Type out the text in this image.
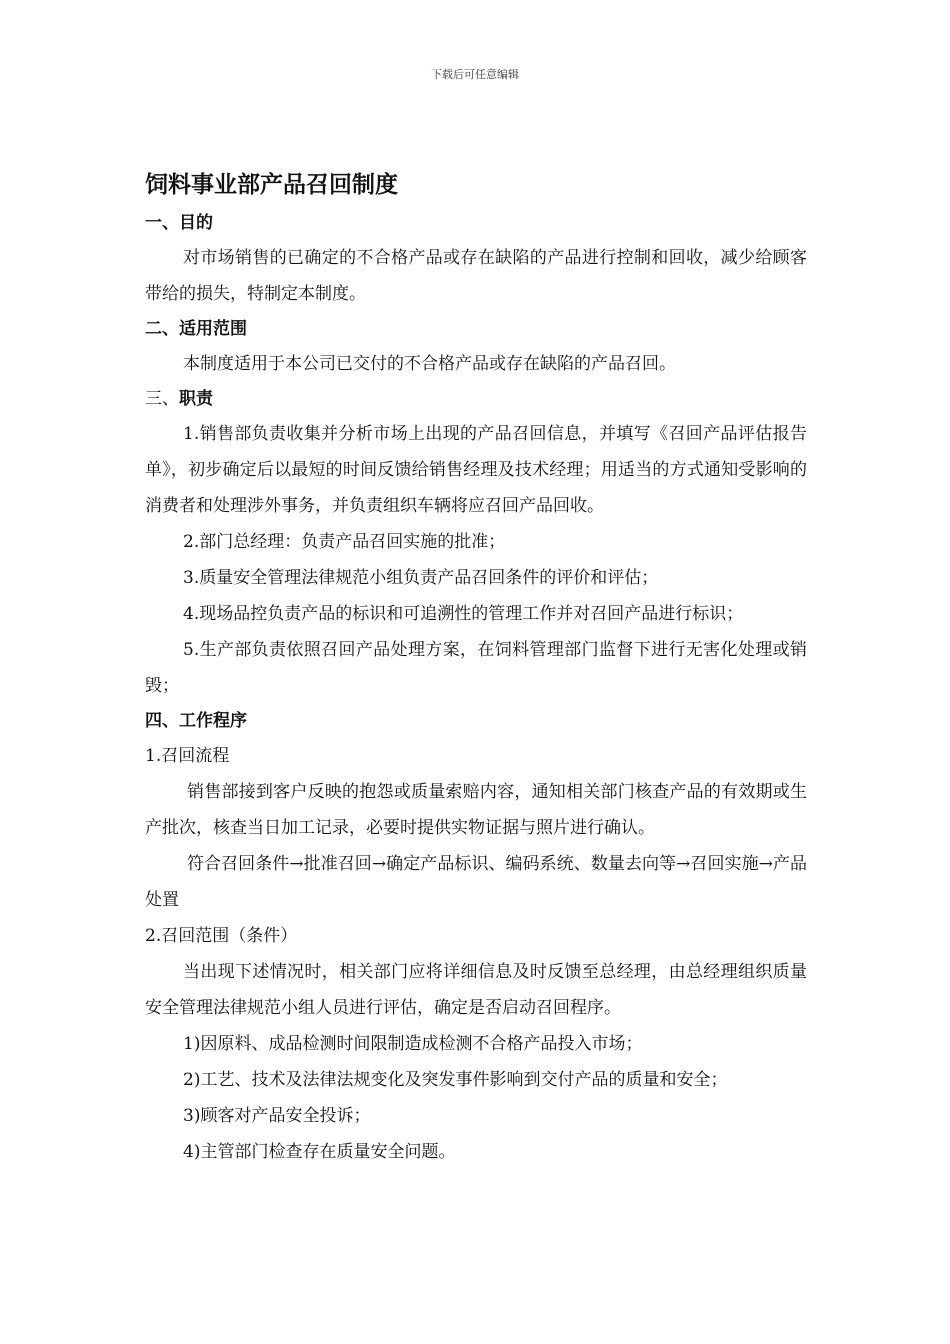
下载后可任意编辑
饲料事业部产品召回制度
一、目的

对市场销售的已确定的不合格产品或存在缺陷的产品进行控制和回收，减少给顾客带给的损失，特制定本制度。

二、适用范围

本制度适用于本公司已交付的不合格产品或存在缺陷的产品召回。

三、职责

1.销售部负责收集并分析市场上出现的产品召回信息，并填写《召回产品评估报告单》，初步确定后以最短的时间反馈给销售经理及技术经理；用适当的方式通知受影响的消费者和处理涉外事务，并负责组织车辆将应召回产品回收。

2.部门总经理：负责产品召回实施的批准；

3.质量安全管理法律规范小组负责产品召回条件的评价和评估；

4.现场品控负责产品的标识和可追溯性的管理工作并对召回产品进行标识；

5.生产部负责依照召回产品处理方案，在饲料管理部门监督下进行无害化处理或销毁；

四、工作程序

1.召回流程

销售部接到客户反映的抱怨或质量索赔内容，通知相关部门核查产品的有效期或生产批次，核查当日加工记录，必要时提供实物证据与照片进行确认。

符合召回条件→批准召回→确定产品标识、编码系统、数量去向等→召回实施→产品处置

2.召回范围（条件）

当出现下述情况时，相关部门应将详细信息及时反馈至总经理，由总经理组织质量安全管理法律规范小组人员进行评估，确定是否启动召回程序。

1)因原料、成品检测时间限制造成检测不合格产品投入市场；

2)工艺、技术及法律法规变化及突发事件影响到交付产品的质量和安全；

3)顾客对产品安全投诉；

4)主管部门检查存在质量安全问题。
